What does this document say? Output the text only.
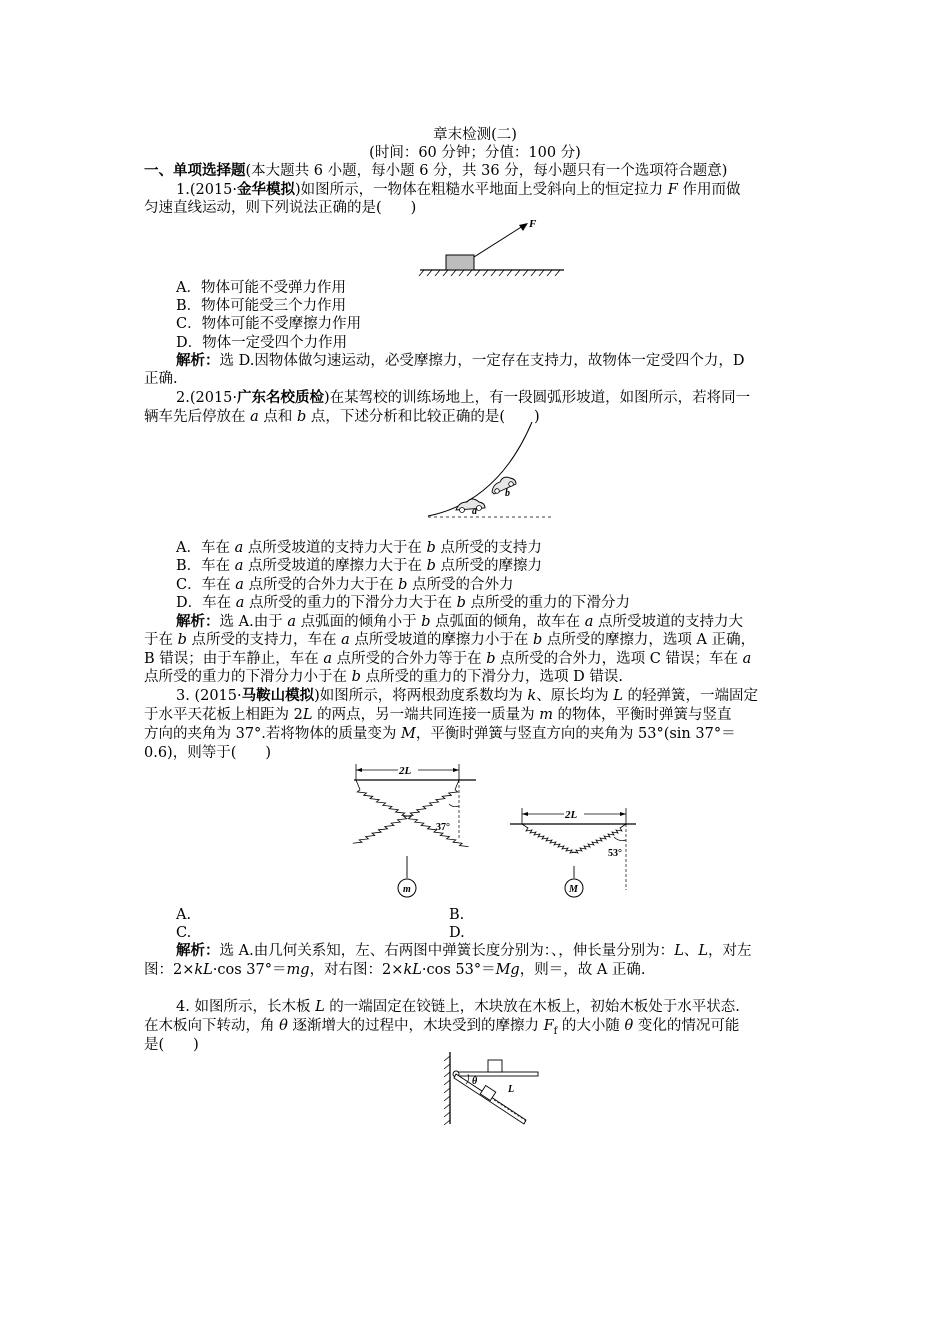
章末检测(二)
(时间：60 分钟；分值：100 分)
一、单项选择题(本大题共 6 小题，每小题 6 分，共 36 分，每小题只有一个选项符合题意)
1.(2015·金华模拟)如图所示，一物体在粗糙水平地面上受斜向上的恒定拉力 F 作用而做
匀速直线运动，则下列说法正确的是(　　)
F
A．物体可能不受弹力作用
B．物体可能受三个力作用
C．物体可能不受摩擦力作用
D．物体一定受四个力作用
解析：选 D.因物体做匀速运动，必受摩擦力，一定存在支持力，故物体一定受四个力，D
正确.
2.(2015·广东名校质检)在某驾校的训练场地上，有一段圆弧形坡道，如图所示，若将同一
辆车先后停放在 a 点和 b 点，下述分析和比较正确的是(　　)
a
b
A．车在 a 点所受坡道的支持力大于在 b 点所受的支持力
B．车在 a 点所受坡道的摩擦力大于在 b 点所受的摩擦力
C．车在 a 点所受的合外力大于在 b 点所受的合外力
D．车在 a 点所受的重力的下滑分力大于在 b 点所受的重力的下滑分力
解析：选 A.由于 a 点弧面的倾角小于 b 点弧面的倾角，故车在 a 点所受坡道的支持力大
于在 b 点所受的支持力，车在 a 点所受坡道的摩擦力小于在 b 点所受的摩擦力，选项 A 正确，
B 错误；由于车静止，车在 a 点所受的合外力等于在 b 点所受的合外力，选项 C 错误；车在 a
点所受的重力的下滑分力小于在 b 点所受的重力的下滑分力，选项 D 错误.
3. (2015·马鞍山模拟)如图所示，将两根劲度系数均为 k、原长均为 L 的轻弹簧，一端固定
于水平天花板上相距为 2L 的两点，另一端共同连接一质量为 m 的物体，平衡时弹簧与竖直
方向的夹角为 37°.若将物体的质量变为 M，平衡时弹簧与竖直方向的夹角为 53°(sin 37°＝
0.6)，则等于(　　)
2L
37°
m
2L
53°
M
A.	B.
C.	D.
解析：选 A.由几何关系知，左、右两图中弹簧长度分别为：、，伸长量分别为：L、L，对左
图：2×kL·cos 37°＝mg，对右图：2×kL·cos 53°＝Mg，则＝，故 A 正确.
4. 如图所示，长木板 L 的一端固定在铰链上，木块放在木板上，初始木板处于水平状态.
在木板向下转动，角 θ 逐渐增大的过程中，木块受到的摩擦力 $F_f$ 的大小随 θ 变化的情况可能
是(　　)
θ
L
